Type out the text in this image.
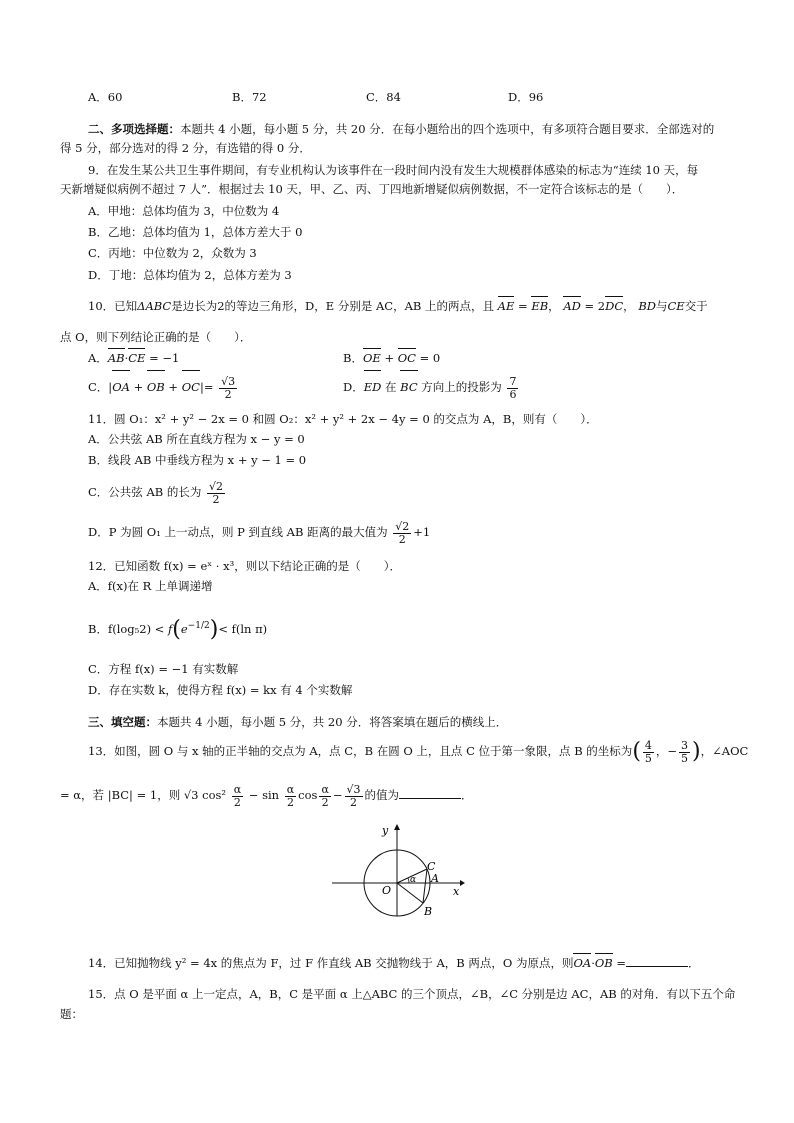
A．60	B．72	C．84	D．96
二、多项选择题：本题共 4 小题，每小题 5 分，共 20 分．在每小题给出的四个选项中，有多项符合题目要求．全部选对的
得 5 分，部分选对的得 2 分，有选错的得 0 分．
9．在发生某公共卫生事件期间，有专业机构认为该事件在一段时间内没有发生大规模群体感染的标志为“连续 10 天，每
天新增疑似病例不超过 7 人”．根据过去 10 天，甲、乙、丙、丁四地新增疑似病例数据，不一定符合该标志的是（　　）．
A．甲地：总体均值为 3，中位数为 4
B．乙地：总体均值为 1，总体方差大于 0
C．丙地：中位数为 2，众数为 3
D．丁地：总体均值为 2，总体方差为 3
10．已知ΔABC是边长为2的等边三角形，D，E 分别是 AC，AB 上的两点，且 AE = EB， AD = 2DC， BD与CE交于
点 O，则下列结论正确的是（　　）．
A．AB·CE = −1	B．OE + OC = 0
C．|OA + OB + $OC|= \frac{√3}{2}$	D．ED 在 BC 方向上的投影为 $\frac{7}{6}$
11．圆 O₁：x² + y² − 2x = 0 和圆 O₂：x² + y² + 2x − 4y = 0 的交点为 A，B，则有（　　）．
A．公共弦 AB 所在直线方程为 x − y = 0
B．线段 AB 中垂线方程为 x + y − 1 = 0
C．公共弦 AB 的长为 $\frac{√2}{2}$
D．P 为圆 O₁ 上一动点，则 P 到直线 AB 距离的最大值为 $\frac{√2}{2} +1$
12．已知函数 f(x) = eˣ · x³，则以下结论正确的是（　　）．
A．f(x)在 R 上单调递增
B．$f(\log_52) < f(e^{-1/2})< f(\ln$ π)
C．方程 f(x) = −1 有实数解
D．存在实数 k，使得方程 f(x) = kx 有 4 个实数解
三、填空题：本题共 4 小题，每小题 5 分，共 20 分．将答案填在题后的横线上．
13．如图，圆 O 与 x 轴的正半轴的交点为 A，点 C，B 在圆 O 上，且点 C 位于第一象限，点 B 的坐标为( $\frac{4}{5}$ ，− $\frac{3}{5}$ )，∠AOC
= α，若 |BC| = 1，则 √3 $\cos^2 \frac{\alpha}{2} - \sin \frac{\alpha}{2}$ $\cos \frac{\alpha}{2} - \frac{√3}{2}$ 的值为	．
y
x
O
C
A
B
α
14．已知抛物线 y² = 4x 的焦点为 F，过 F 作直线 AB 交抛物线于 A，B 两点，O 为原点，则OA·OB =	．
15．点 O 是平面 α 上一定点，A，B，C 是平面 α 上△ABC 的三个顶点，∠B，∠C 分别是边 AC，AB 的对角．有以下五个命
题：
